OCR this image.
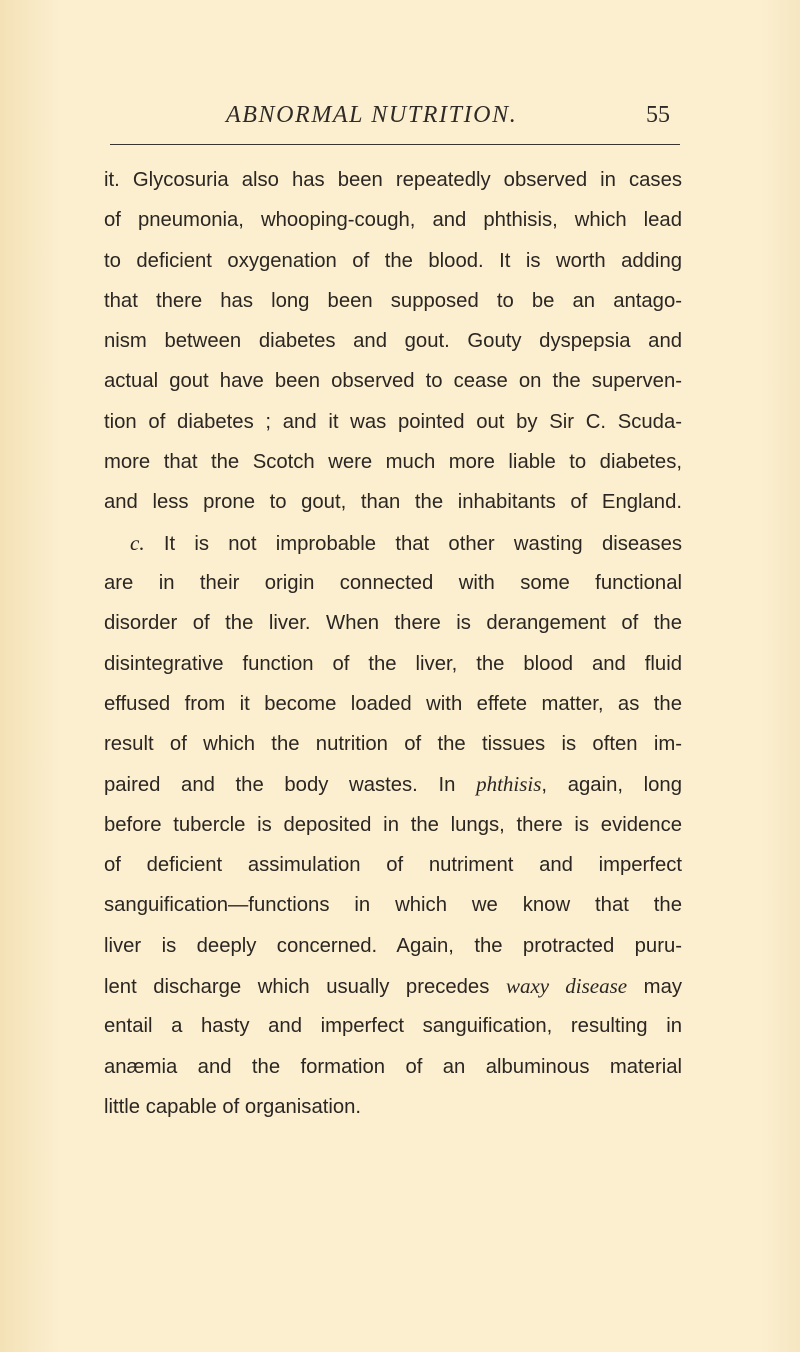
ABNORMAL NUTRITION.	55
it. Glycosuria also has been repeatedly observed in cases
of pneumonia, whooping-cough, and phthisis, which lead
to deficient oxygenation of the blood. It is worth adding
that there has long been supposed to be an antago-
nism between diabetes and gout. Gouty dyspepsia and
actual gout have been observed to cease on the superven-
tion of diabetes ; and it was pointed out by Sir C. Scuda-
more that the Scotch were much more liable to diabetes,
and less prone to gout, than the inhabitants of England.
c. It is not improbable that other wasting diseases
are in their origin connected with some functional
disorder of the liver. When there is derangement of the
disintegrative function of the liver, the blood and fluid
effused from it become loaded with effete matter, as the
result of which the nutrition of the tissues is often im-
paired and the body wastes. In phthisis, again, long
before tubercle is deposited in the lungs, there is evidence
of deficient assimulation of nutriment and imperfect
sanguification—functions in which we know that the
liver is deeply concerned. Again, the protracted puru-
lent discharge which usually precedes waxy disease may
entail a hasty and imperfect sanguification, resulting in
anæmia and the formation of an albuminous material
little capable of organisation.
